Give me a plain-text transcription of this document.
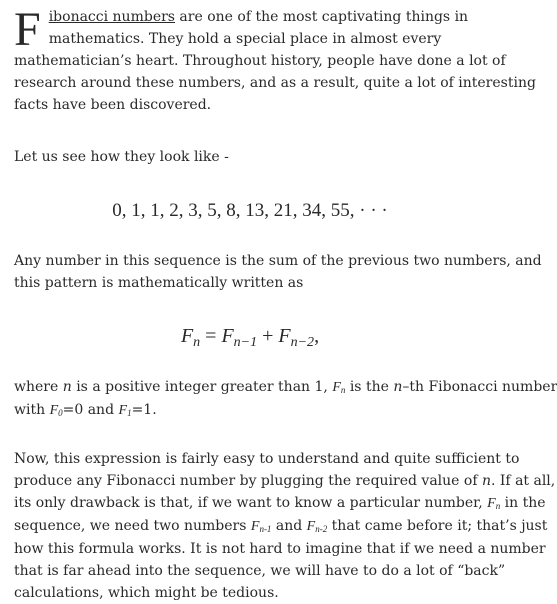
F ibonacci numbers are one of the most captivating things in
mathematics. They hold a special place in almost every
mathematician’s heart. Throughout history, people have done a lot of
research around these numbers, and as a result, quite a lot of interesting
facts have been discovered.

Let us see how they look like -

0, 1, 1, 2, 3, 5, 8, 13, 21, 34, 55, · · ·

Any number in this sequence is the sum of the previous two numbers, and
this pattern is mathematically written as

$F_n = F_{n-1} + F_{n-2}$,

where n is a positive integer greater than 1, $F_n$ is the n–th Fibonacci number
with $F_0=0$ and $F_1=1$.

Now, this expression is fairly easy to understand and quite sufficient to
produce any Fibonacci number by plugging the required value of n. If at all,
its only drawback is that, if we want to know a particular number, $F_n$ in the
sequence, we need two numbers $F_{n-1}$ and $F_{n-2}$ that came before it; that’s just
how this formula works. It is not hard to imagine that if we need a number
that is far ahead into the sequence, we will have to do a lot of “back”
calculations, which might be tedious.
